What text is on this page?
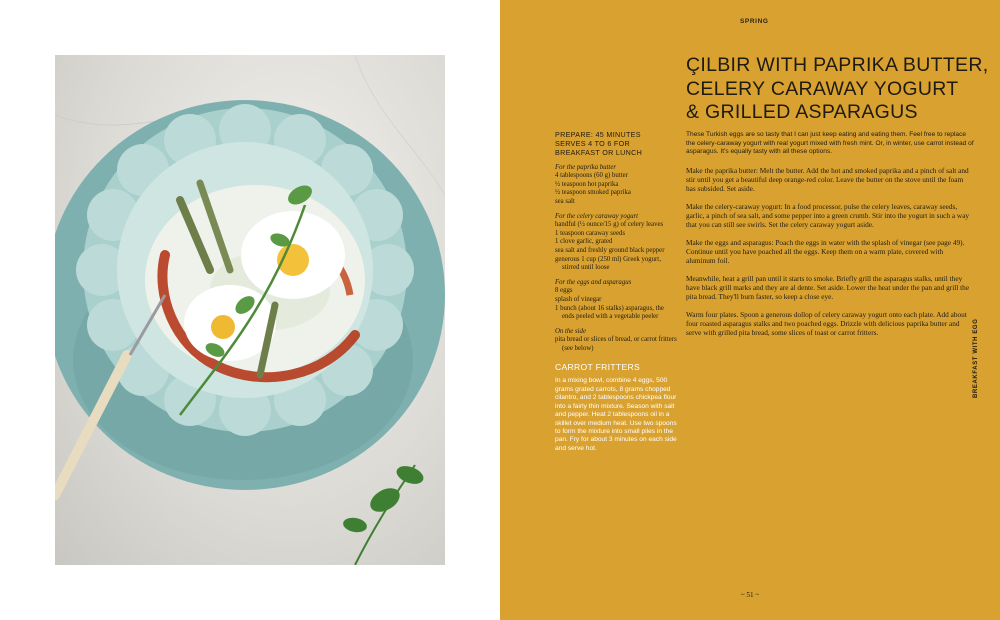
SPRING
ÇILBIR WITH PAPRIKA BUTTER,
CELERY CARAWAY YOGURT
& GRILLED ASPARAGUS
PREPARE: 45 MINUTES
SERVES 4 TO 6 FOR BREAKFAST OR LUNCH
For the paprika butter
4 tablespoons (60 g) butter
½ teaspoon hot paprika
½ teaspoon smoked paprika
sea salt
For the celery caraway yogurt
handful (½ ounce/15 g) of celery leaves
1 teaspoon caraway seeds
1 clove garlic, grated
sea salt and freshly ground black pepper
generous 1 cup (250 ml) Greek yogurt, stirred until loose
For the eggs and asparagus
8 eggs
splash of vinegar
1 bunch (about 16 stalks) asparagus, the ends peeled with a vegetable peeler
On the side
pita bread or slices of bread, or carrot fritters (see below)
CARROT FRITTERS
In a mixing bowl, combine 4 eggs, 500 grams grated carrots, 8 grams chopped cilantro, and 2 tablespoons chickpea flour into a fairly thin mixture. Season with salt and pepper. Heat 2 tablespoons oil in a skillet over medium heat. Use two spoons to form the mixture into small piles in the pan. Fry for about 3 minutes on each side and serve hot.

These Turkish eggs are so tasty that I can just keep eating and eating them. Feel free to replace the celery-caraway yogurt with real yogurt mixed with fresh mint. Or, in winter, use carrot instead of asparagus. It's equally tasty with all these options.

Make the paprika butter: Melt the butter. Add the hot and smoked paprika and a pinch of salt and stir until you get a beautiful deep orange-red color. Leave the butter on the stove until the foam has subsided. Set aside.

Make the celery-caraway yogurt: In a food processor, pulse the celery leaves, caraway seeds, garlic, a pinch of sea salt, and some pepper into a green crumb. Stir into the yogurt in such a way that you can still see swirls. Set the celery caraway yogurt aside.

Make the eggs and asparagus: Poach the eggs in water with the splash of vinegar (see page 49). Continue until you have poached all the eggs. Keep them on a warm plate, covered with aluminum foil.

Meanwhile, heat a grill pan until it starts to smoke. Briefly grill the asparagus stalks, until they have black grill marks and they are al dente. Set aside. Lower the heat under the pan and grill the pita bread. They'll burn faster, so keep a close eye.

Warm four plates. Spoon a generous dollop of celery caraway yogurt onto each plate. Add about four roasted asparagus stalks and two poached eggs. Drizzle with delicious paprika butter and serve with grilled pita bread, some slices of toast or carrot fritters.	BREAKFAST WITH EGG
~ 51 ~
